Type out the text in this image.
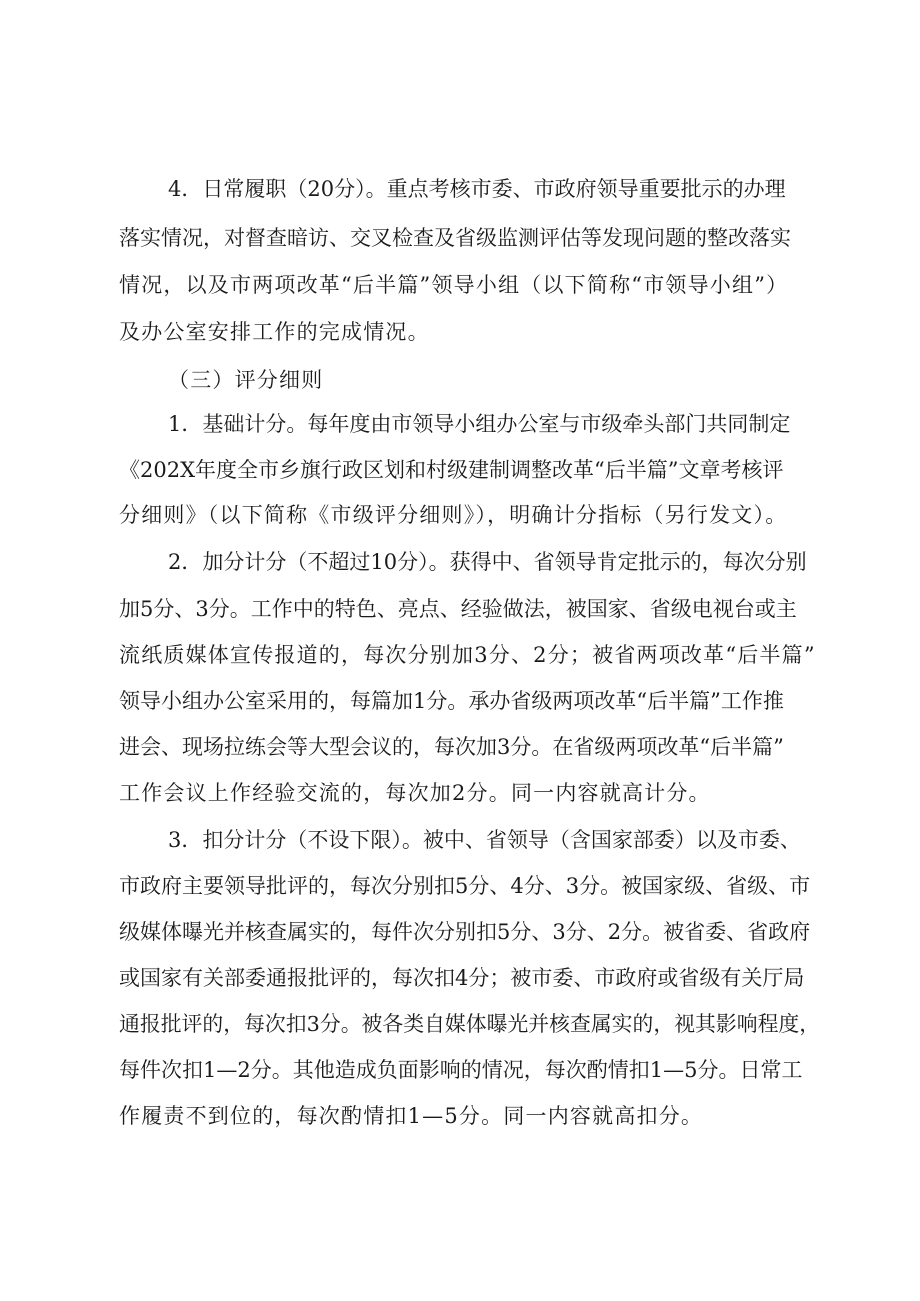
4．日常履职（20分）。重点考核市委、市政府领导重要批示的办理
落实情况，对督查暗访、交叉检查及省级监测评估等发现问题的整改落实
情况，以及市两项改革“后半篇”领导小组（以下简称“市领导小组”）
及办公室安排工作的完成情况。
（三）评分细则
1．基础计分。每年度由市领导小组办公室与市级牵头部门共同制定
《202X年度全市乡旗行政区划和村级建制调整改革“后半篇”文章考核评
分细则》（以下简称《市级评分细则》），明确计分指标（另行发文）。
2．加分计分（不超过10分）。获得中、省领导肯定批示的，每次分别
加5分、3分。工作中的特色、亮点、经验做法，被国家、省级电视台或主
流纸质媒体宣传报道的，每次分别加3分、2分；被省两项改革“后半篇”
领导小组办公室采用的，每篇加1分。承办省级两项改革“后半篇”工作推
进会、现场拉练会等大型会议的，每次加3分。在省级两项改革“后半篇”
工作会议上作经验交流的，每次加2分。同一内容就高计分。
3．扣分计分（不设下限）。被中、省领导（含国家部委）以及市委、
市政府主要领导批评的，每次分别扣5分、4分、3分。被国家级、省级、市
级媒体曝光并核查属实的，每件次分别扣5分、3分、2分。被省委、省政府
或国家有关部委通报批评的，每次扣4分；被市委、市政府或省级有关厅局
通报批评的，每次扣3分。被各类自媒体曝光并核查属实的，视其影响程度，
每件次扣1—2分。其他造成负面影响的情况，每次酌情扣1—5分。日常工
作履责不到位的，每次酌情扣1—5分。同一内容就高扣分。
